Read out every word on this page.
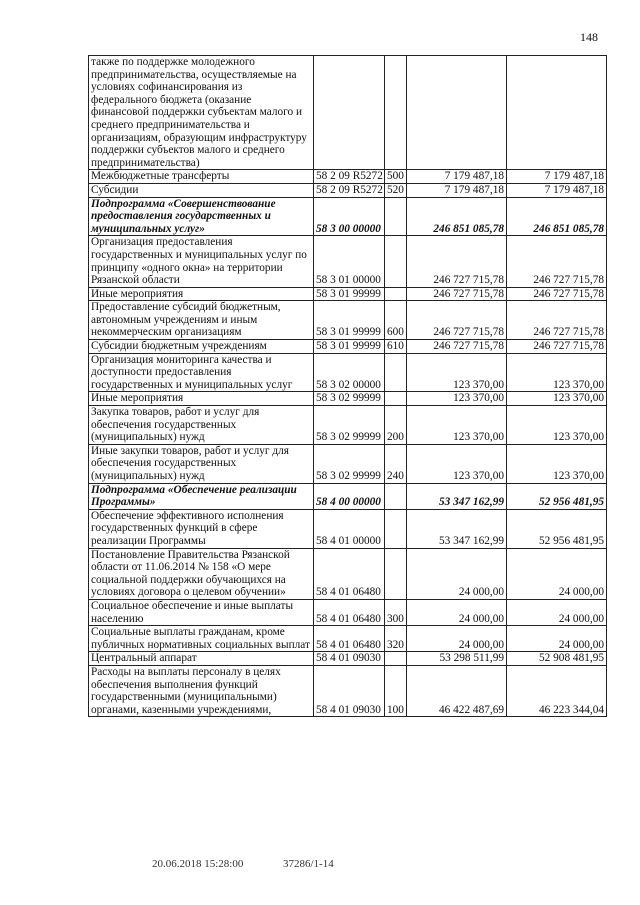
148
также по поддержке молодежного предпринимательства, осуществляемые на условиях софинансирования из федерального бюджета (оказание финансовой поддержки субъектам малого и среднего предпринимательства и организациям, образующим инфраструктуру поддержки субъектов малого и среднего предпринимательства)				
Межбюджетные трансферты	58 2 09 R5272	500	7 179 487,18	7 179 487,18
Субсидии	58 2 09 R5272	520	7 179 487,18	7 179 487,18
Подпрограмма «Совершенствование предоставления государственных и муниципальных услуг»	58 3 00 00000		246 851 085,78	246 851 085,78
Организация предоставления государственных и муниципальных услуг по принципу «одного окна» на территории Рязанской области	58 3 01 00000		246 727 715,78	246 727 715,78
Иные мероприятия	58 3 01 99999		246 727 715,78	246 727 715,78
Предоставление субсидий бюджетным, автономным учреждениям и иным некоммерческим организациям	58 3 01 99999	600	246 727 715,78	246 727 715,78
Субсидии бюджетным учреждениям	58 3 01 99999	610	246 727 715,78	246 727 715,78
Организация мониторинга качества и доступности предоставления государственных и муниципальных услуг	58 3 02 00000		123 370,00	123 370,00
Иные мероприятия	58 3 02 99999		123 370,00	123 370,00
Закупка товаров, работ и услуг для обеспечения государственных (муниципальных) нужд	58 3 02 99999	200	123 370,00	123 370,00
Иные закупки товаров, работ и услуг для обеспечения государственных (муниципальных) нужд	58 3 02 99999	240	123 370,00	123 370,00
Подпрограмма «Обеспечение реализации Программы»	58 4 00 00000		53 347 162,99	52 956 481,95
Обеспечение эффективного исполнения государственных функций в сфере реализации Программы	58 4 01 00000		53 347 162,99	52 956 481,95
Постановление Правительства Рязанской области от 11.06.2014 № 158 «О мере социальной поддержки обучающихся на условиях договора о целевом обучении»	58 4 01 06480		24 000,00	24 000,00
Социальное обеспечение и иные выплаты населению	58 4 01 06480	300	24 000,00	24 000,00
Социальные выплаты гражданам, кроме публичных нормативных социальных выплат	58 4 01 06480	320	24 000,00	24 000,00
Центральный аппарат	58 4 01 09030		53 298 511,99	52 908 481,95
Расходы на выплаты персоналу в целях обеспечения выполнения функций государственными (муниципальными) органами, казенными учреждениями,	58 4 01 09030	100	46 422 487,69	46 223 344,04
20.06.2018 15:28:00	37286/1-14
